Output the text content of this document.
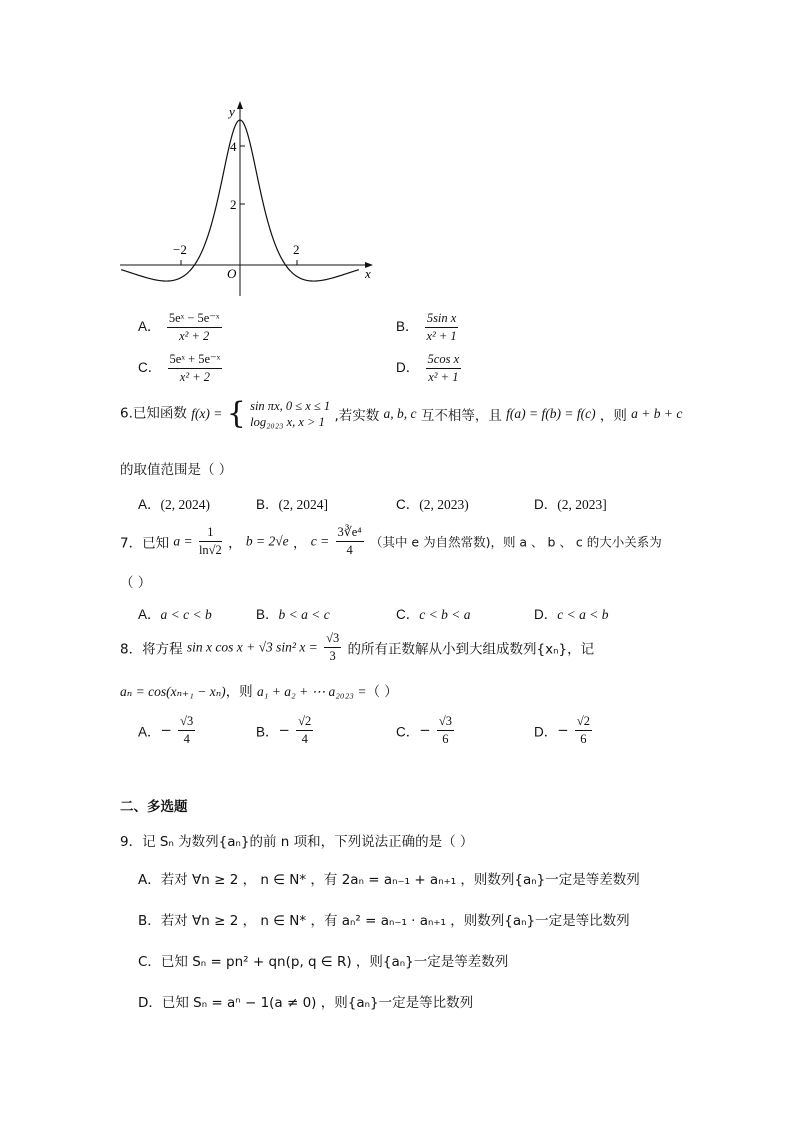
y
x
O
4
2
−2	2
A． $\frac{\text{5eˣ − 5e⁻ˣ}}{\text{x² + 2}}$	B． $\frac{\text{5sin x}}{\text{x² + 1}}$
C． $\frac{\text{5eˣ + 5e⁻ˣ}}{\text{x² + 2}}$	D． $\frac{\text{5cos x}}{\text{x² + 1}}$
6.已知函数 f(x) = { sin πx, 0 ≤ x ≤ 1
log₂₀₂₃ x, x > 1 ,若实数 a, b, c 互不相等，且 f(a) = f(b) = f(c) ，则 a + b + c
的取值范围是（ ）
A．(2, 2024)	B．(2, 2024]	C．(2, 2023)	D．(2, 2023]
7．已知 $a = \frac{1}{\ln√2}$ ， b = 2√e ， $c = \frac{\text{3∛e⁴}}{4}$ （其中 e 为自然常数)，则 a 、 b 、 c 的大小关系为
（ ）
A．a < c < b	B．b < a < c	C．c < b < a	D．c < a < b
8．将方程 sin x cos x + √3 sin² $x = \frac{√3}{3}$ 的所有正数解从小到大组成数列{xₙ}，记
aₙ = cos(xₙ₊₁ − xₙ)，则 a₁ + a₂ + ⋯ a₂₀₂₃ =（ ）
A．− $\frac{√3}{4}$	B．− $\frac{√2}{4}$	C．− $\frac{√3}{6}$	D．− $\frac{√2}{6}$
二、多选题
9．记 Sₙ 为数列{aₙ}的前 n 项和，下列说法正确的是（ ）
A．若对 ∀n ≥ 2 ， n ∈ N* ，有 2aₙ = aₙ₋₁ + aₙ₊₁ ，则数列{aₙ}一定是等差数列
B．若对 ∀n ≥ 2 ， n ∈ N* ，有 aₙ² = aₙ₋₁ · aₙ₊₁ ，则数列{aₙ}一定是等比数列
C．已知 Sₙ = pn² + qn(p, q ∈ R) ，则{aₙ}一定是等差数列
D．已知 Sₙ = aⁿ − 1(a ≠ 0) ，则{aₙ}一定是等比数列
